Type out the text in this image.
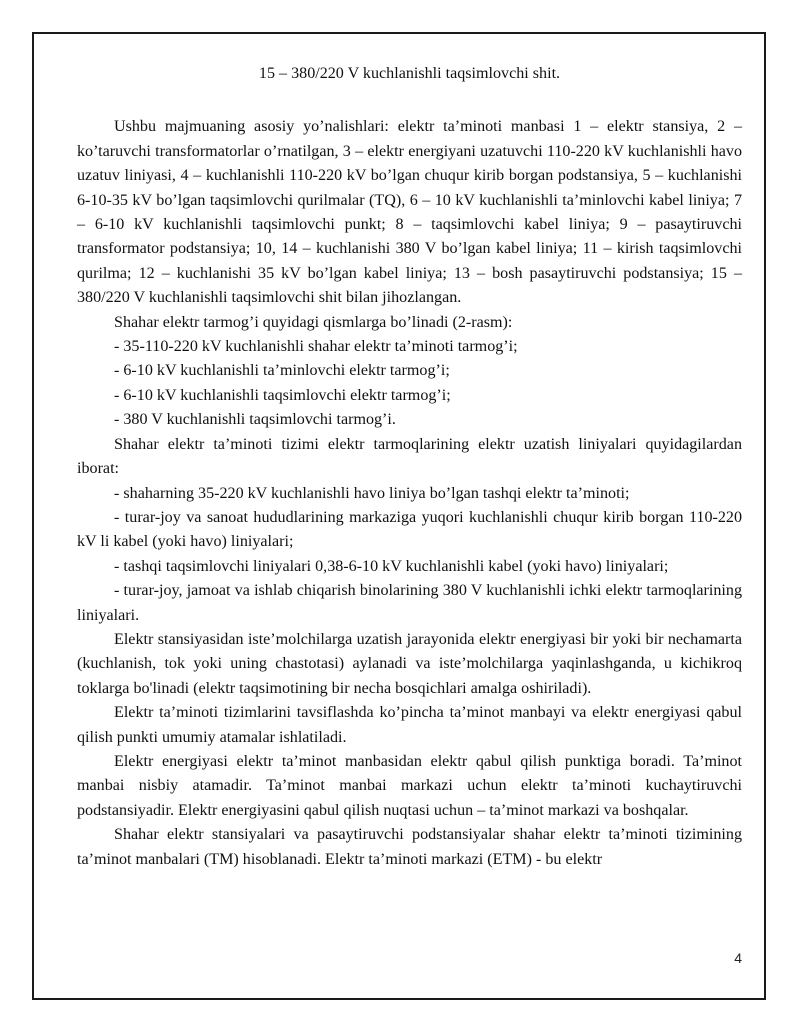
15 – 380/220 V kuchlanishli taqsimlovchi shit.

Ushbu majmuaning asosiy yo’nalishlari: elektr ta’minoti manbasi 1 – elektr stansiya, 2 – ko’taruvchi transformatorlar o’rnatilgan, 3 – elektr energiyani uzatuvchi 110-220 kV kuchlanishli havo uzatuv liniyasi, 4 – kuchlanishli 110-220 kV bo’lgan chuqur kirib borgan podstansiya, 5 – kuchlanishi 6-10-35 kV bo’lgan taqsimlovchi qurilmalar (TQ), 6 – 10 kV kuchlanishli ta’minlovchi kabel liniya; 7 – 6-10 kV kuchlanishli taqsimlovchi punkt; 8 – taqsimlovchi kabel liniya; 9 – pasaytiruvchi transformator podstansiya; 10, 14 – kuchlanishi 380 V bo’lgan kabel liniya; 11 – kirish taqsimlovchi qurilma; 12 – kuchlanishi 35 kV bo’lgan kabel liniya; 13 – bosh pasaytiruvchi podstansiya; 15 – 380/220 V kuchlanishli taqsimlovchi shit bilan jihozlangan.

Shahar elektr tarmog’i quyidagi qismlarga bo’linadi (2-rasm):

- 35-110-220 kV kuchlanishli shahar elektr ta’minoti tarmog’i;

- 6-10 kV kuchlanishli ta’minlovchi elektr tarmog’i;

- 6-10 kV kuchlanishli taqsimlovchi elektr tarmog’i;

- 380 V kuchlanishli taqsimlovchi tarmog’i.

Shahar elektr ta’minoti tizimi elektr tarmoqlarining elektr uzatish liniyalari quyidagilardan iborat:

- shaharning 35-220 kV kuchlanishli havo liniya bo’lgan tashqi elektr ta’minoti;

- turar-joy va sanoat hududlarining markaziga yuqori kuchlanishli chuqur kirib borgan 110-220 kV li kabel (yoki havo) liniyalari;

- tashqi taqsimlovchi liniyalari 0,38-6-10 kV kuchlanishli kabel (yoki havo) liniyalari;

- turar-joy, jamoat va ishlab chiqarish binolarining 380 V kuchlanishli ichki elektr tarmoqlarining liniyalari.

Elektr stansiyasidan iste’molchilarga uzatish jarayonida elektr energiyasi bir yoki bir nechamarta (kuchlanish, tok yoki uning chastotasi) aylanadi va iste’molchilarga yaqinlashganda, u kichikroq toklarga bo'linadi (elektr taqsimotining bir necha bosqichlari amalga oshiriladi).

Elektr ta’minoti tizimlarini tavsiflashda ko’pincha ta’minot manbayi va elektr energiyasi qabul qilish punkti umumiy atamalar ishlatiladi.

Elektr energiyasi elektr ta’minot manbasidan elektr qabul qilish punktiga boradi. Ta’minot manbai nisbiy atamadir. Ta’minot manbai markazi uchun elektr ta’minoti kuchaytiruvchi podstansiyadir. Elektr energiyasini qabul qilish nuqtasi uchun – ta’minot markazi va boshqalar.

Shahar elektr stansiyalari va pasaytiruvchi podstansiyalar shahar elektr ta’minoti tizimining ta’minot manbalari (TM) hisoblanadi. Elektr ta’minoti markazi (ETM) - bu elektr

4
